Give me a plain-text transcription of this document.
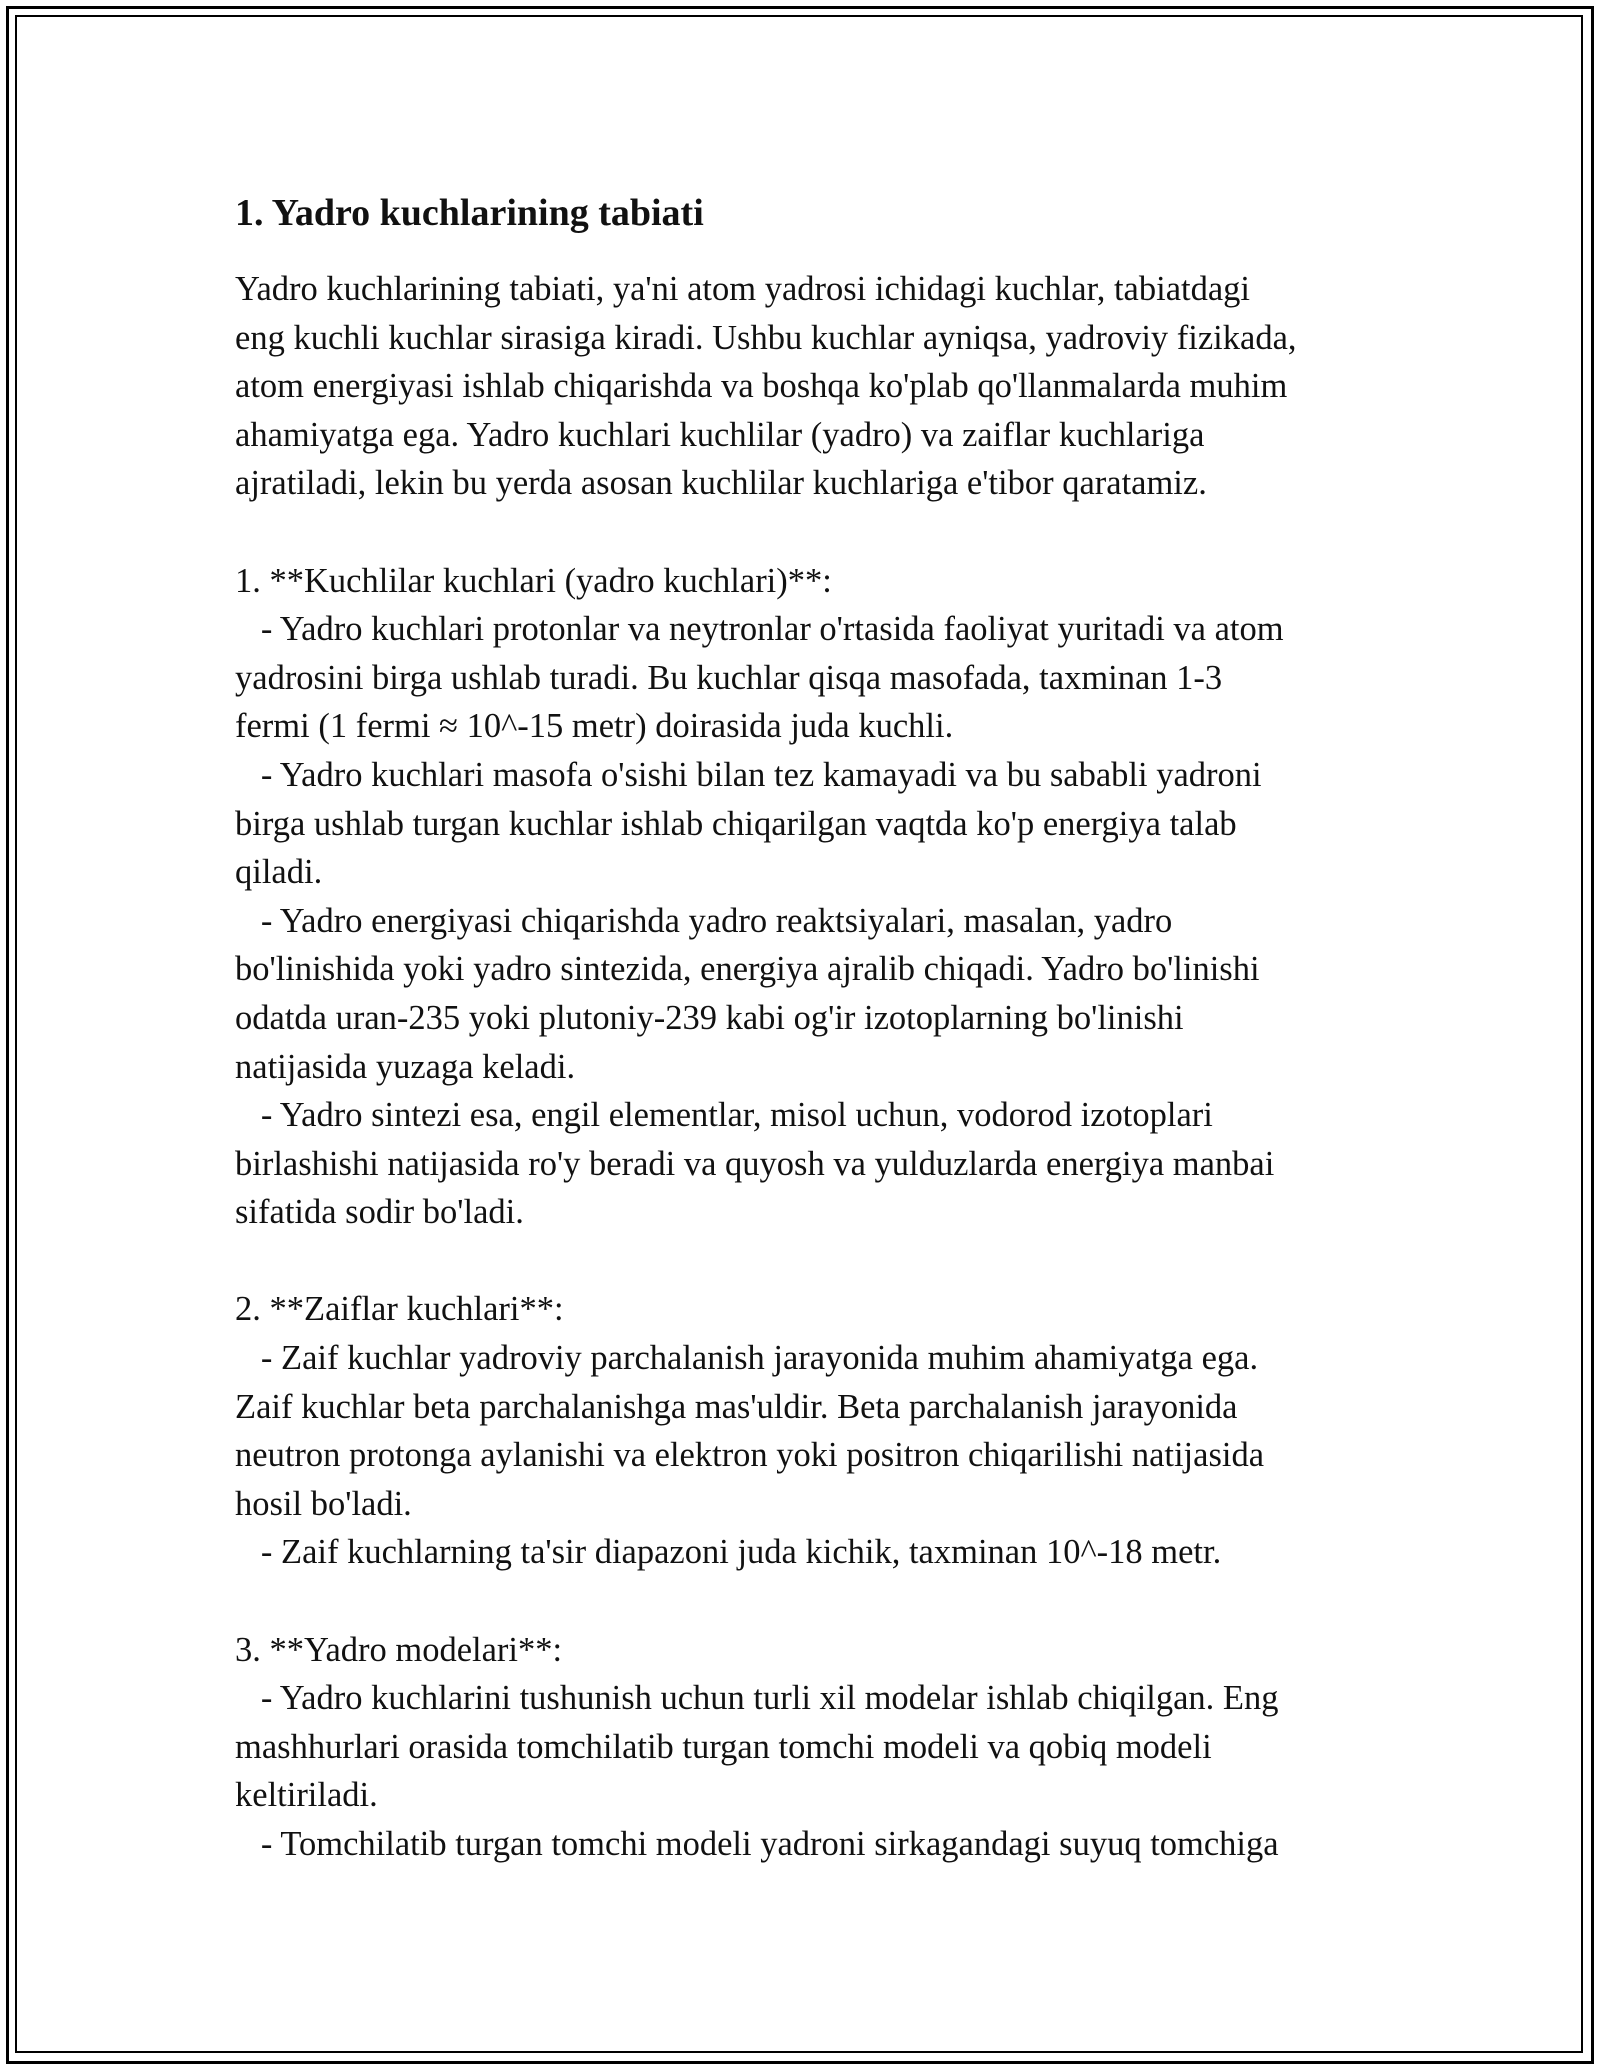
1. Yadro kuchlarining tabiati
Yadro kuchlarining tabiati, ya'ni atom yadrosi ichidagi kuchlar, tabiatdagi
eng kuchli kuchlar sirasiga kiradi. Ushbu kuchlar ayniqsa, yadroviy fizikada,
atom energiyasi ishlab chiqarishda va boshqa ko'plab qo'llanmalarda muhim
ahamiyatga ega. Yadro kuchlari kuchlilar (yadro) va zaiflar kuchlariga
ajratiladi, lekin bu yerda asosan kuchlilar kuchlariga e'tibor qaratamiz.
1. **Kuchlilar kuchlari (yadro kuchlari)**:
- Yadro kuchlari protonlar va neytronlar o'rtasida faoliyat yuritadi va atom
yadrosini birga ushlab turadi. Bu kuchlar qisqa masofada, taxminan 1-3
fermi (1 fermi ≈ 10^-15 metr) doirasida juda kuchli.
- Yadro kuchlari masofa o'sishi bilan tez kamayadi va bu sababli yadroni
birga ushlab turgan kuchlar ishlab chiqarilgan vaqtda ko'p energiya talab
qiladi.
- Yadro energiyasi chiqarishda yadro reaktsiyalari, masalan, yadro
bo'linishida yoki yadro sintezida, energiya ajralib chiqadi. Yadro bo'linishi
odatda uran-235 yoki plutoniy-239 kabi og'ir izotoplarning bo'linishi
natijasida yuzaga keladi.
- Yadro sintezi esa, engil elementlar, misol uchun, vodorod izotoplari
birlashishi natijasida ro'y beradi va quyosh va yulduzlarda energiya manbai
sifatida sodir bo'ladi.
2. **Zaiflar kuchlari**:
- Zaif kuchlar yadroviy parchalanish jarayonida muhim ahamiyatga ega.
Zaif kuchlar beta parchalanishga mas'uldir. Beta parchalanish jarayonida
neutron protonga aylanishi va elektron yoki positron chiqarilishi natijasida
hosil bo'ladi.
- Zaif kuchlarning ta'sir diapazoni juda kichik, taxminan 10^-18 metr.
3. **Yadro modelari**:
- Yadro kuchlarini tushunish uchun turli xil modelar ishlab chiqilgan. Eng
mashhurlari orasida tomchilatib turgan tomchi modeli va qobiq modeli
keltiriladi.
- Tomchilatib turgan tomchi modeli yadroni sirkagandagi suyuq tomchiga
